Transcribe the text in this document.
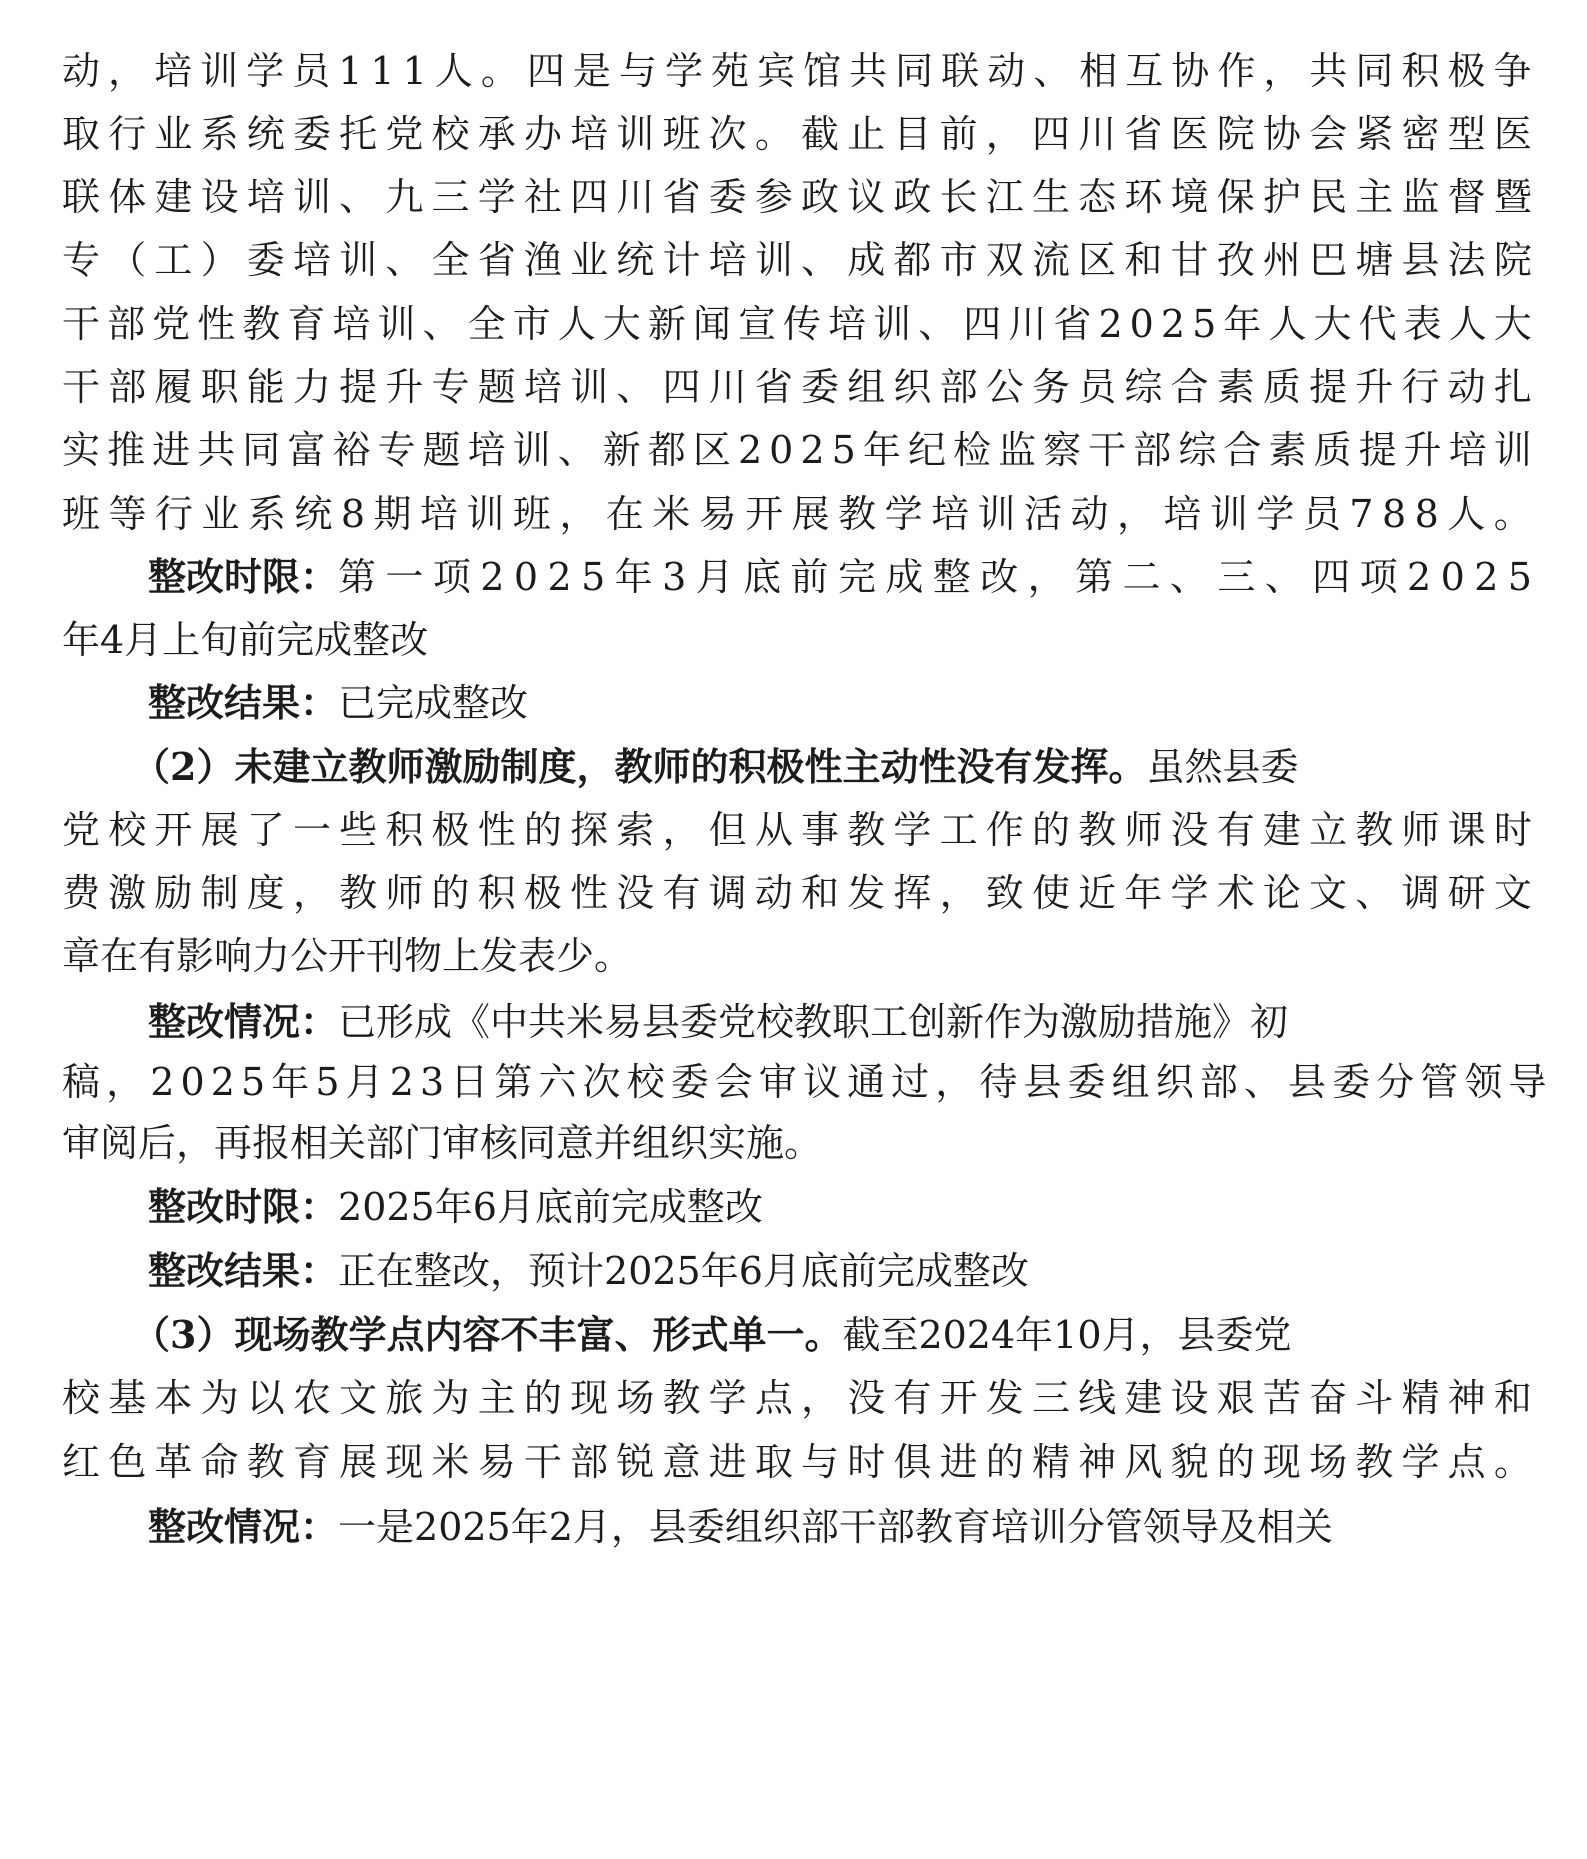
动 ， 培 训 学 员 1 1 1 人 。 四 是 与 学 苑 宾 馆 共 同 联 动 、 相 互 协 作 ， 共 同 积 极 争
取 行 业 系 统 委 托 党 校 承 办 培 训 班 次 。 截 止 目 前 ， 四 川 省 医 院 协 会 紧 密 型 医
联 体 建 设 培 训 、 九 三 学 社 四 川 省 委 参 政 议 政 长 江 生 态 环 境 保 护 民 主 监 督 暨
专 （ 工 ） 委 培 训 、 全 省 渔 业 统 计 培 训 、 成 都 市 双 流 区 和 甘 孜 州 巴 塘 县 法 院
干 部 党 性 教 育 培 训 、 全 市 人 大 新 闻 宣 传 培 训 、 四 川 省 2 0 2 5 年 人 大 代 表 人 大
干 部 履 职 能 力 提 升 专 题 培 训 、 四 川 省 委 组 织 部 公 务 员 综 合 素 质 提 升 行 动 扎
实 推 进 共 同 富 裕 专 题 培 训 、 新 都 区 2 0 2 5 年 纪 检 监 察 干 部 综 合 素 质 提 升 培 训
班 等 行 业 系 统 8 期 培 训 班 ， 在 米 易 开 展 教 学 培 训 活 动 ， 培 训 学 员 7 8 8 人 。
整改时限： 第 一 项 2 0 2 5 年 3 月 底 前 完 成 整 改 ， 第 二 、 三 、 四 项 2 0 2 5
年4月上旬前完成整改
整改结果：已完成整改
（2）未建立教师激励制度，教师的积极性主动性没有发挥。虽然县委
党 校 开 展 了 一 些 积 极 性 的 探 索 ， 但 从 事 教 学 工 作 的 教 师 没 有 建 立 教 师 课 时
费 激 励 制 度 ， 教 师 的 积 极 性 没 有 调 动 和 发 挥 ， 致 使 近 年 学 术 论 文 、 调 研 文
章在有影响力公开刊物上发表少。
整改情况：已形成《中共米易县委党校教职工创新作为激励措施》初
稿 ， 2 0 2 5 年 5 月 2 3 日 第 六 次 校 委 会 审 议 通 过 ， 待 县 委 组 织 部 、 县 委 分 管 领 导
审阅后，再报相关部门审核同意并组织实施。
整改时限：2025年6月底前完成整改
整改结果：正在整改，预计2025年6月底前完成整改
（3）现场教学点内容不丰富、形式单一。截至2024年10月，县委党
校 基 本 为 以 农 文 旅 为 主 的 现 场 教 学 点 ， 没 有 开 发 三 线 建 设 艰 苦 奋 斗 精 神 和
红 色 革 命 教 育 展 现 米 易 干 部 锐 意 进 取 与 时 俱 进 的 精 神 风 貌 的 现 场 教 学 点 。
整改情况：一是2025年2月，县委组织部干部教育培训分管领导及相关
